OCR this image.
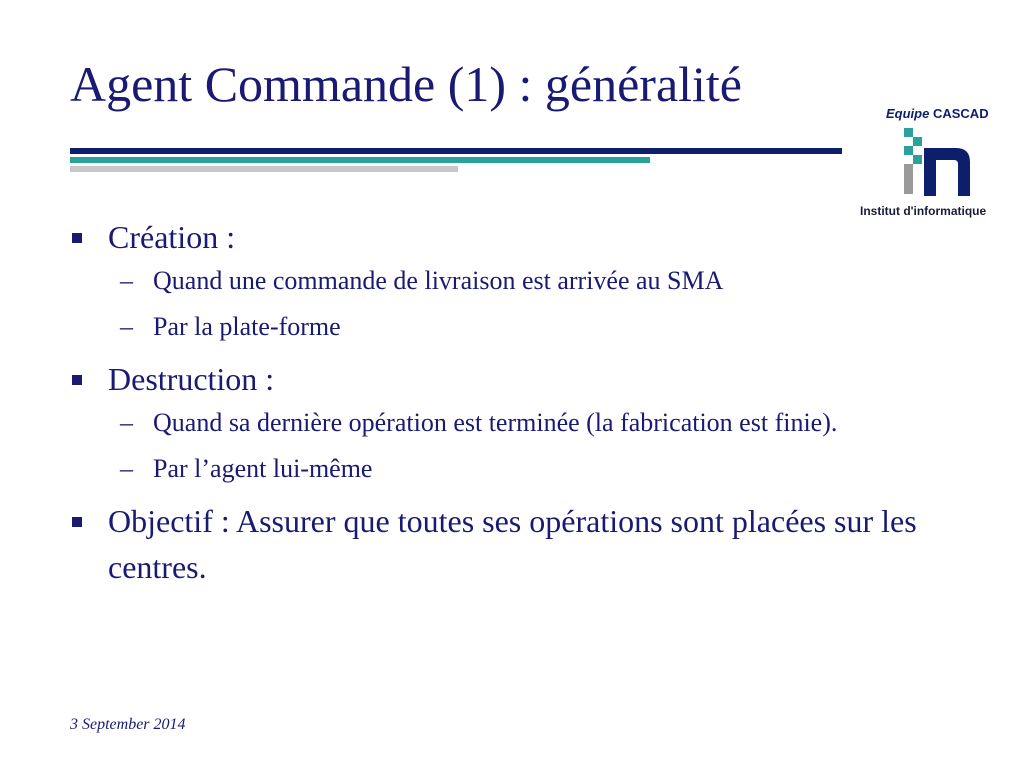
Agent Commande (1) : généralité
Equipe CASCAD
Institut d'informatique
Création :
– Quand une commande de livraison est arrivée au SMA
– Par la plate-forme
Destruction :
– Quand sa dernière opération est terminée (la fabrication est finie).
– Par l’agent lui-même
Objectif : Assurer que toutes ses opérations sont placées sur les centres.
3 September 2014
